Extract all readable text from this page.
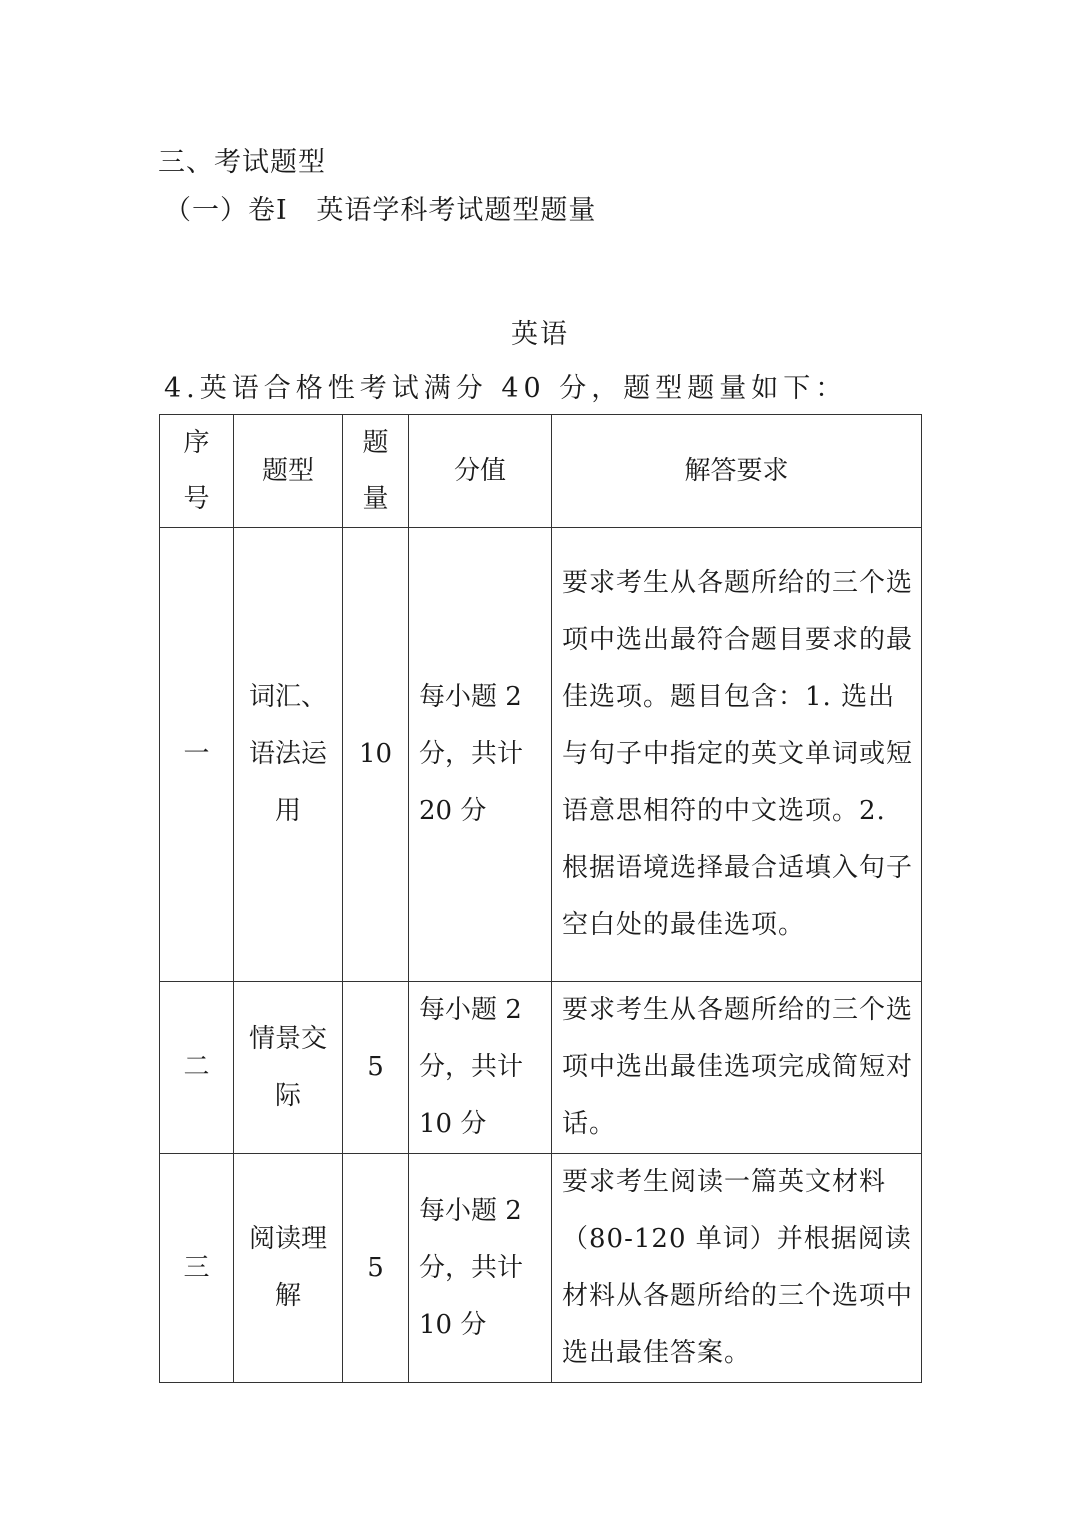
三、考试题型
（一）卷Ⅰ   英语学科考试题型题量
英语
4.英语合格性考试满分 40 分，题型题量如下：
序号	题型	题量	分值	解答要求
一	词汇、语法运用	10	每小题 2 分，共计 20 分	要求考生从各题所给的三个选项中选出最符合题目要求的最佳选项。题目包含：1. 选出与句子中指定的英文单词或短语意思相符的中文选项。2. 根据语境选择最合适填入句子空白处的最佳选项。

二	情景交际	5	每小题 2 分，共计 10 分	要求考生从各题所给的三个选项中选出最佳选项完成简短对话。

三	阅读理解	5	每小题 2 分，共计 10 分	要求考生阅读一篇英文材料（80-120 单词）并根据阅读材料从各题所给的三个选项中选出最佳答案。
